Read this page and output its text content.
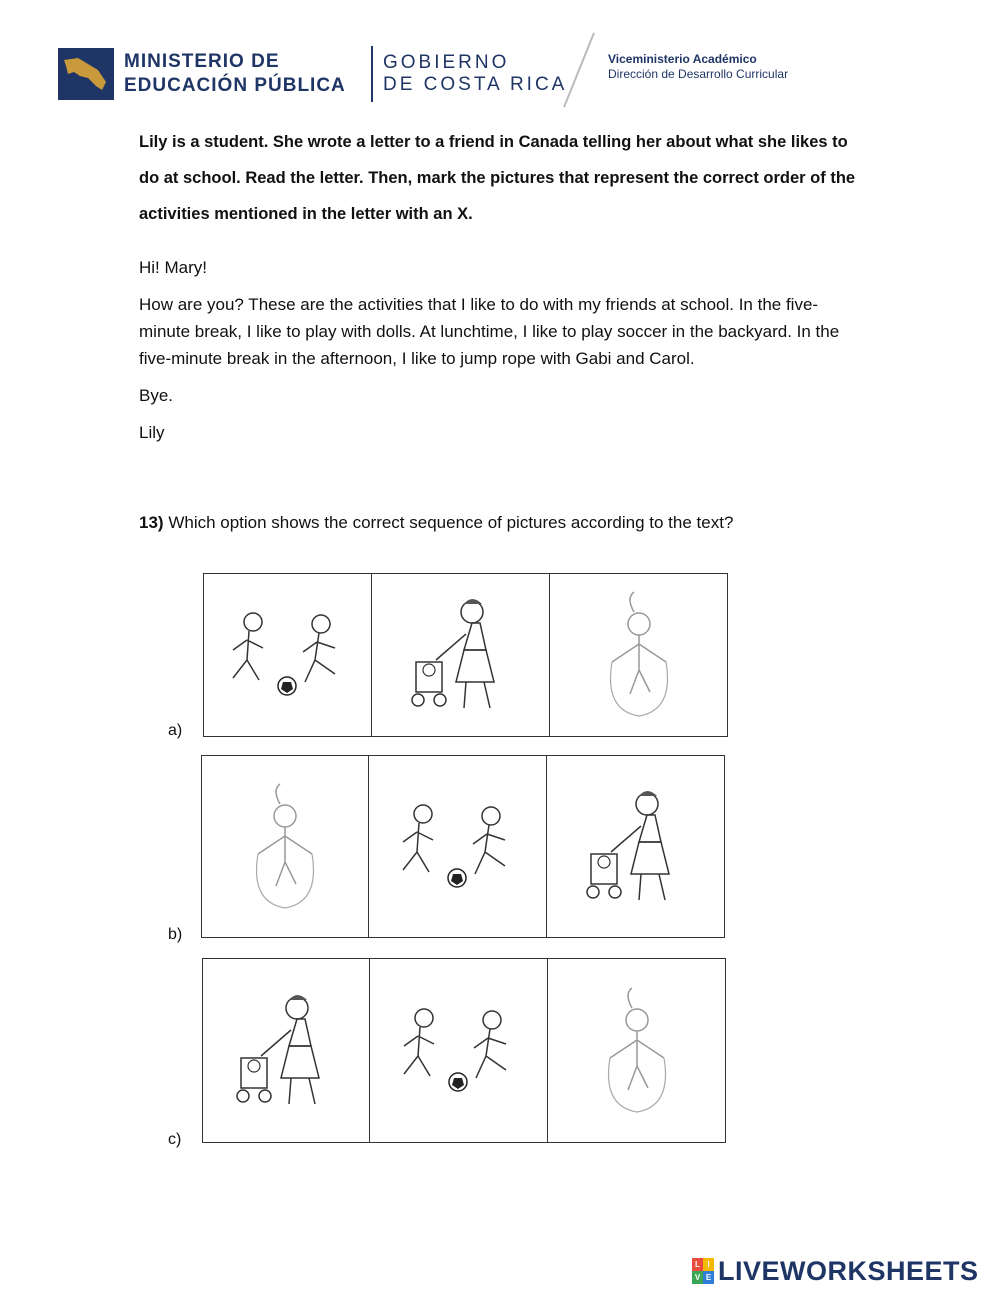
MINISTERIO DE
EDUCACIÓN PÚBLICA
GOBIERNO
DE COSTA RICA
Viceministerio Académico
Dirección de Desarrollo Curricular
Lily is a student. She wrote a letter to a friend in Canada telling her about what she likes to do at school. Read the letter. Then, mark the pictures that represent the correct order of the activities mentioned in the letter with an X.

Hi! Mary!

How are you? These are the activities that I like to do with my friends at school. In the five-minute break, I like to play with dolls. At lunchtime, I like to play soccer in the backyard. In the five-minute break in the afternoon, I like to jump rope with Gabi and Carol.

Bye.

Lily

13) Which option shows the correct sequence of pictures according to the text?
a)
b)
c)
L I
V E LIVEWORKSHEETS
